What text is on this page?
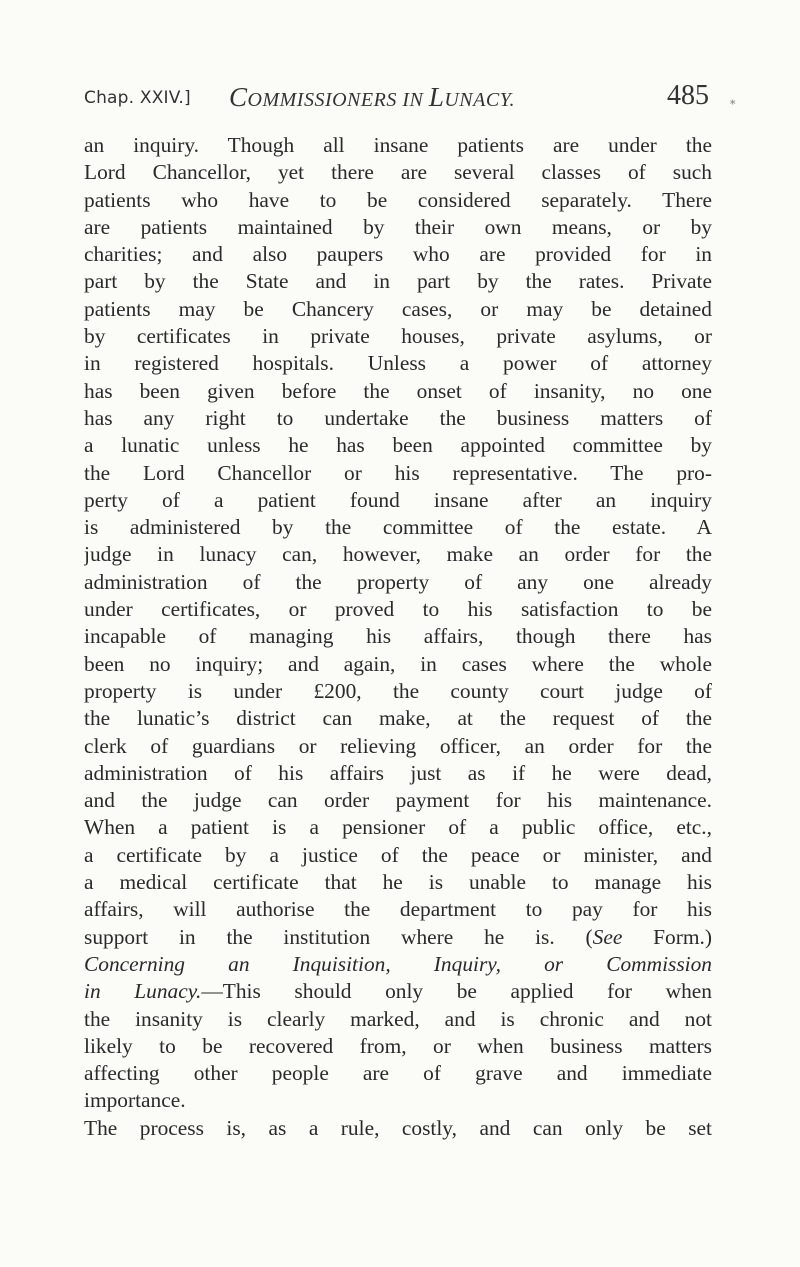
Chap. XXIV.] COMMISSIONERS IN LUNACY.	485 *
an inquiry. Though all insane patients are under the
Lord Chancellor, yet there are several classes of such
patients who have to be considered separately. There
are patients maintained by their own means, or by
charities; and also paupers who are provided for in
part by the State and in part by the rates. Private
patients may be Chancery cases, or may be detained
by certificates in private houses, private asylums, or
in registered hospitals. Unless a power of attorney
has been given before the onset of insanity, no one
has any right to undertake the business matters of
a lunatic unless he has been appointed committee by
the Lord Chancellor or his representative. The pro-
perty of a patient found insane after an inquiry
is administered by the committee of the estate. A
judge in lunacy can, however, make an order for the
administration of the property of any one already
under certificates, or proved to his satisfaction to be
incapable of managing his affairs, though there has
been no inquiry; and again, in cases where the whole
property is under £200, the county court judge of
the lunatic’s district can make, at the request of the
clerk of guardians or relieving officer, an order for the
administration of his affairs just as if he were dead,
and the judge can order payment for his maintenance.
When a patient is a pensioner of a public office, etc.,
a certificate by a justice of the peace or minister, and
a medical certificate that he is unable to manage his
affairs, will authorise the department to pay for his
support in the institution where he is. (See Form.)
Concerning an Inquisition, Inquiry, or Commission
in Lunacy.—This should only be applied for when
the insanity is clearly marked, and is chronic and not
likely to be recovered from, or when business matters
affecting other people are of grave and immediate
importance.
The process is, as a rule, costly, and can only be set
